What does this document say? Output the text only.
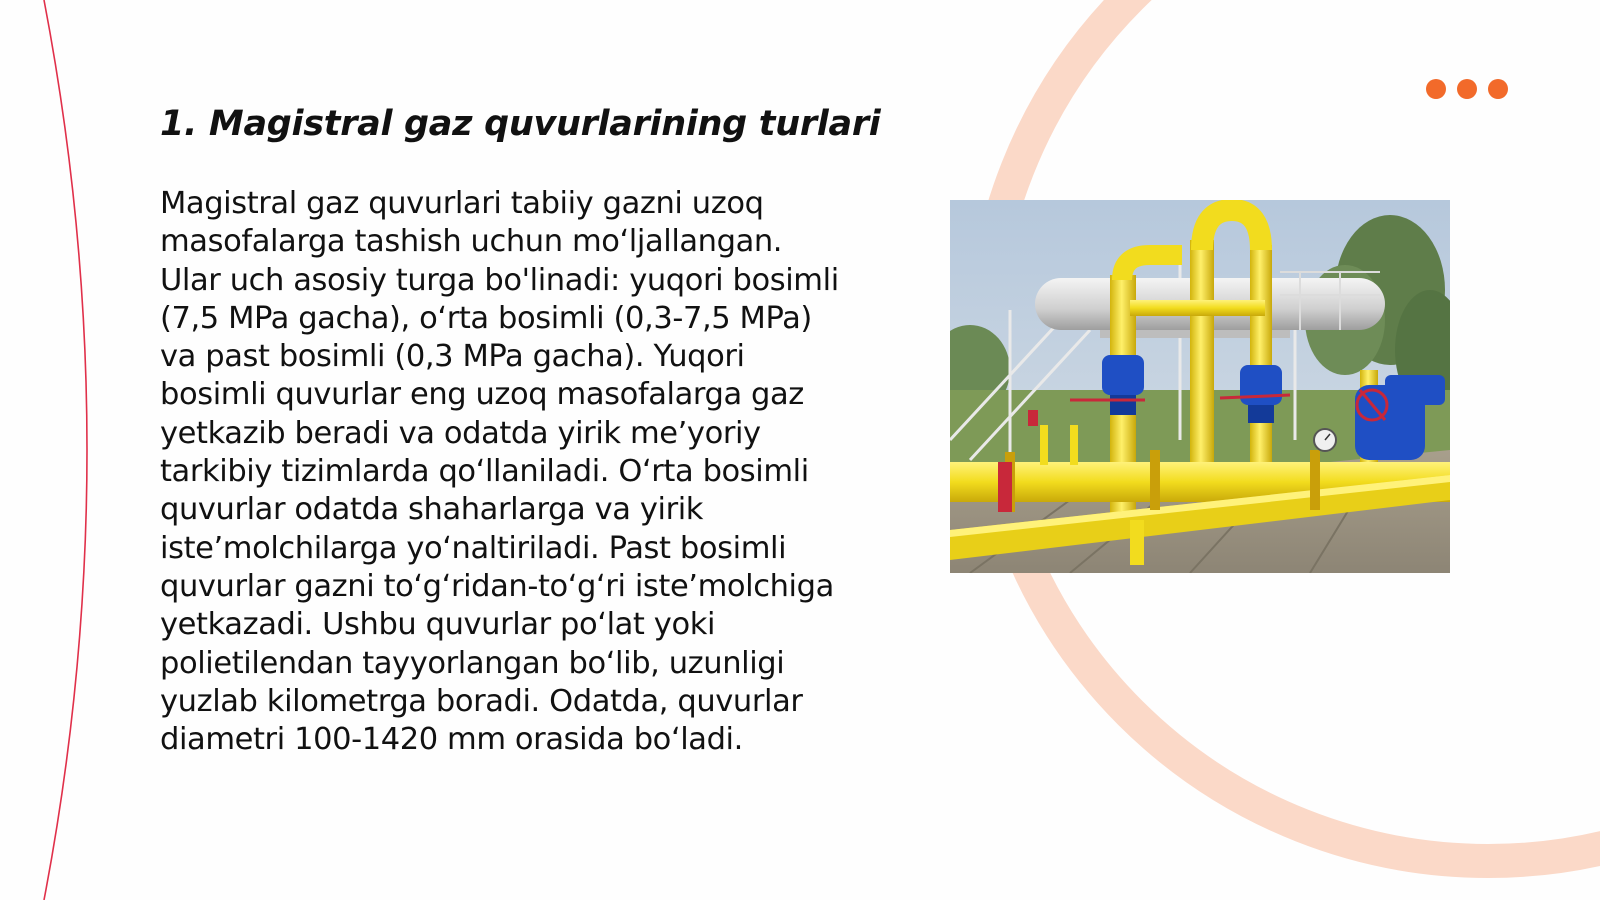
1. Magistral gaz quvurlarining turlari

Magistral gaz quvurlari tabiiy gazni uzoq masofalarga tashish uchun mo‘ljallangan. Ular uch asosiy turga bo'linadi: yuqori bosimli (7,5 MPa gacha), o‘rta bosimli (0,3-7,5 MPa) va past bosimli (0,3 MPa gacha). Yuqori bosimli quvurlar eng uzoq masofalarga gaz yetkazib beradi va odatda yirik me’yoriy tarkibiy tizimlarda qo‘llaniladi. O‘rta bosimli quvurlar odatda shaharlarga va yirik iste’molchilarga yo‘naltiriladi. Past bosimli quvurlar gazni to‘g‘ridan-to‘g‘ri iste’molchiga yetkazadi. Ushbu quvurlar po‘lat yoki polietilendan tayyorlangan bo‘lib, uzunligi yuzlab kilometrga boradi. Odatda, quvurlar diametri 100-1420 mm orasida bo‘ladi.
